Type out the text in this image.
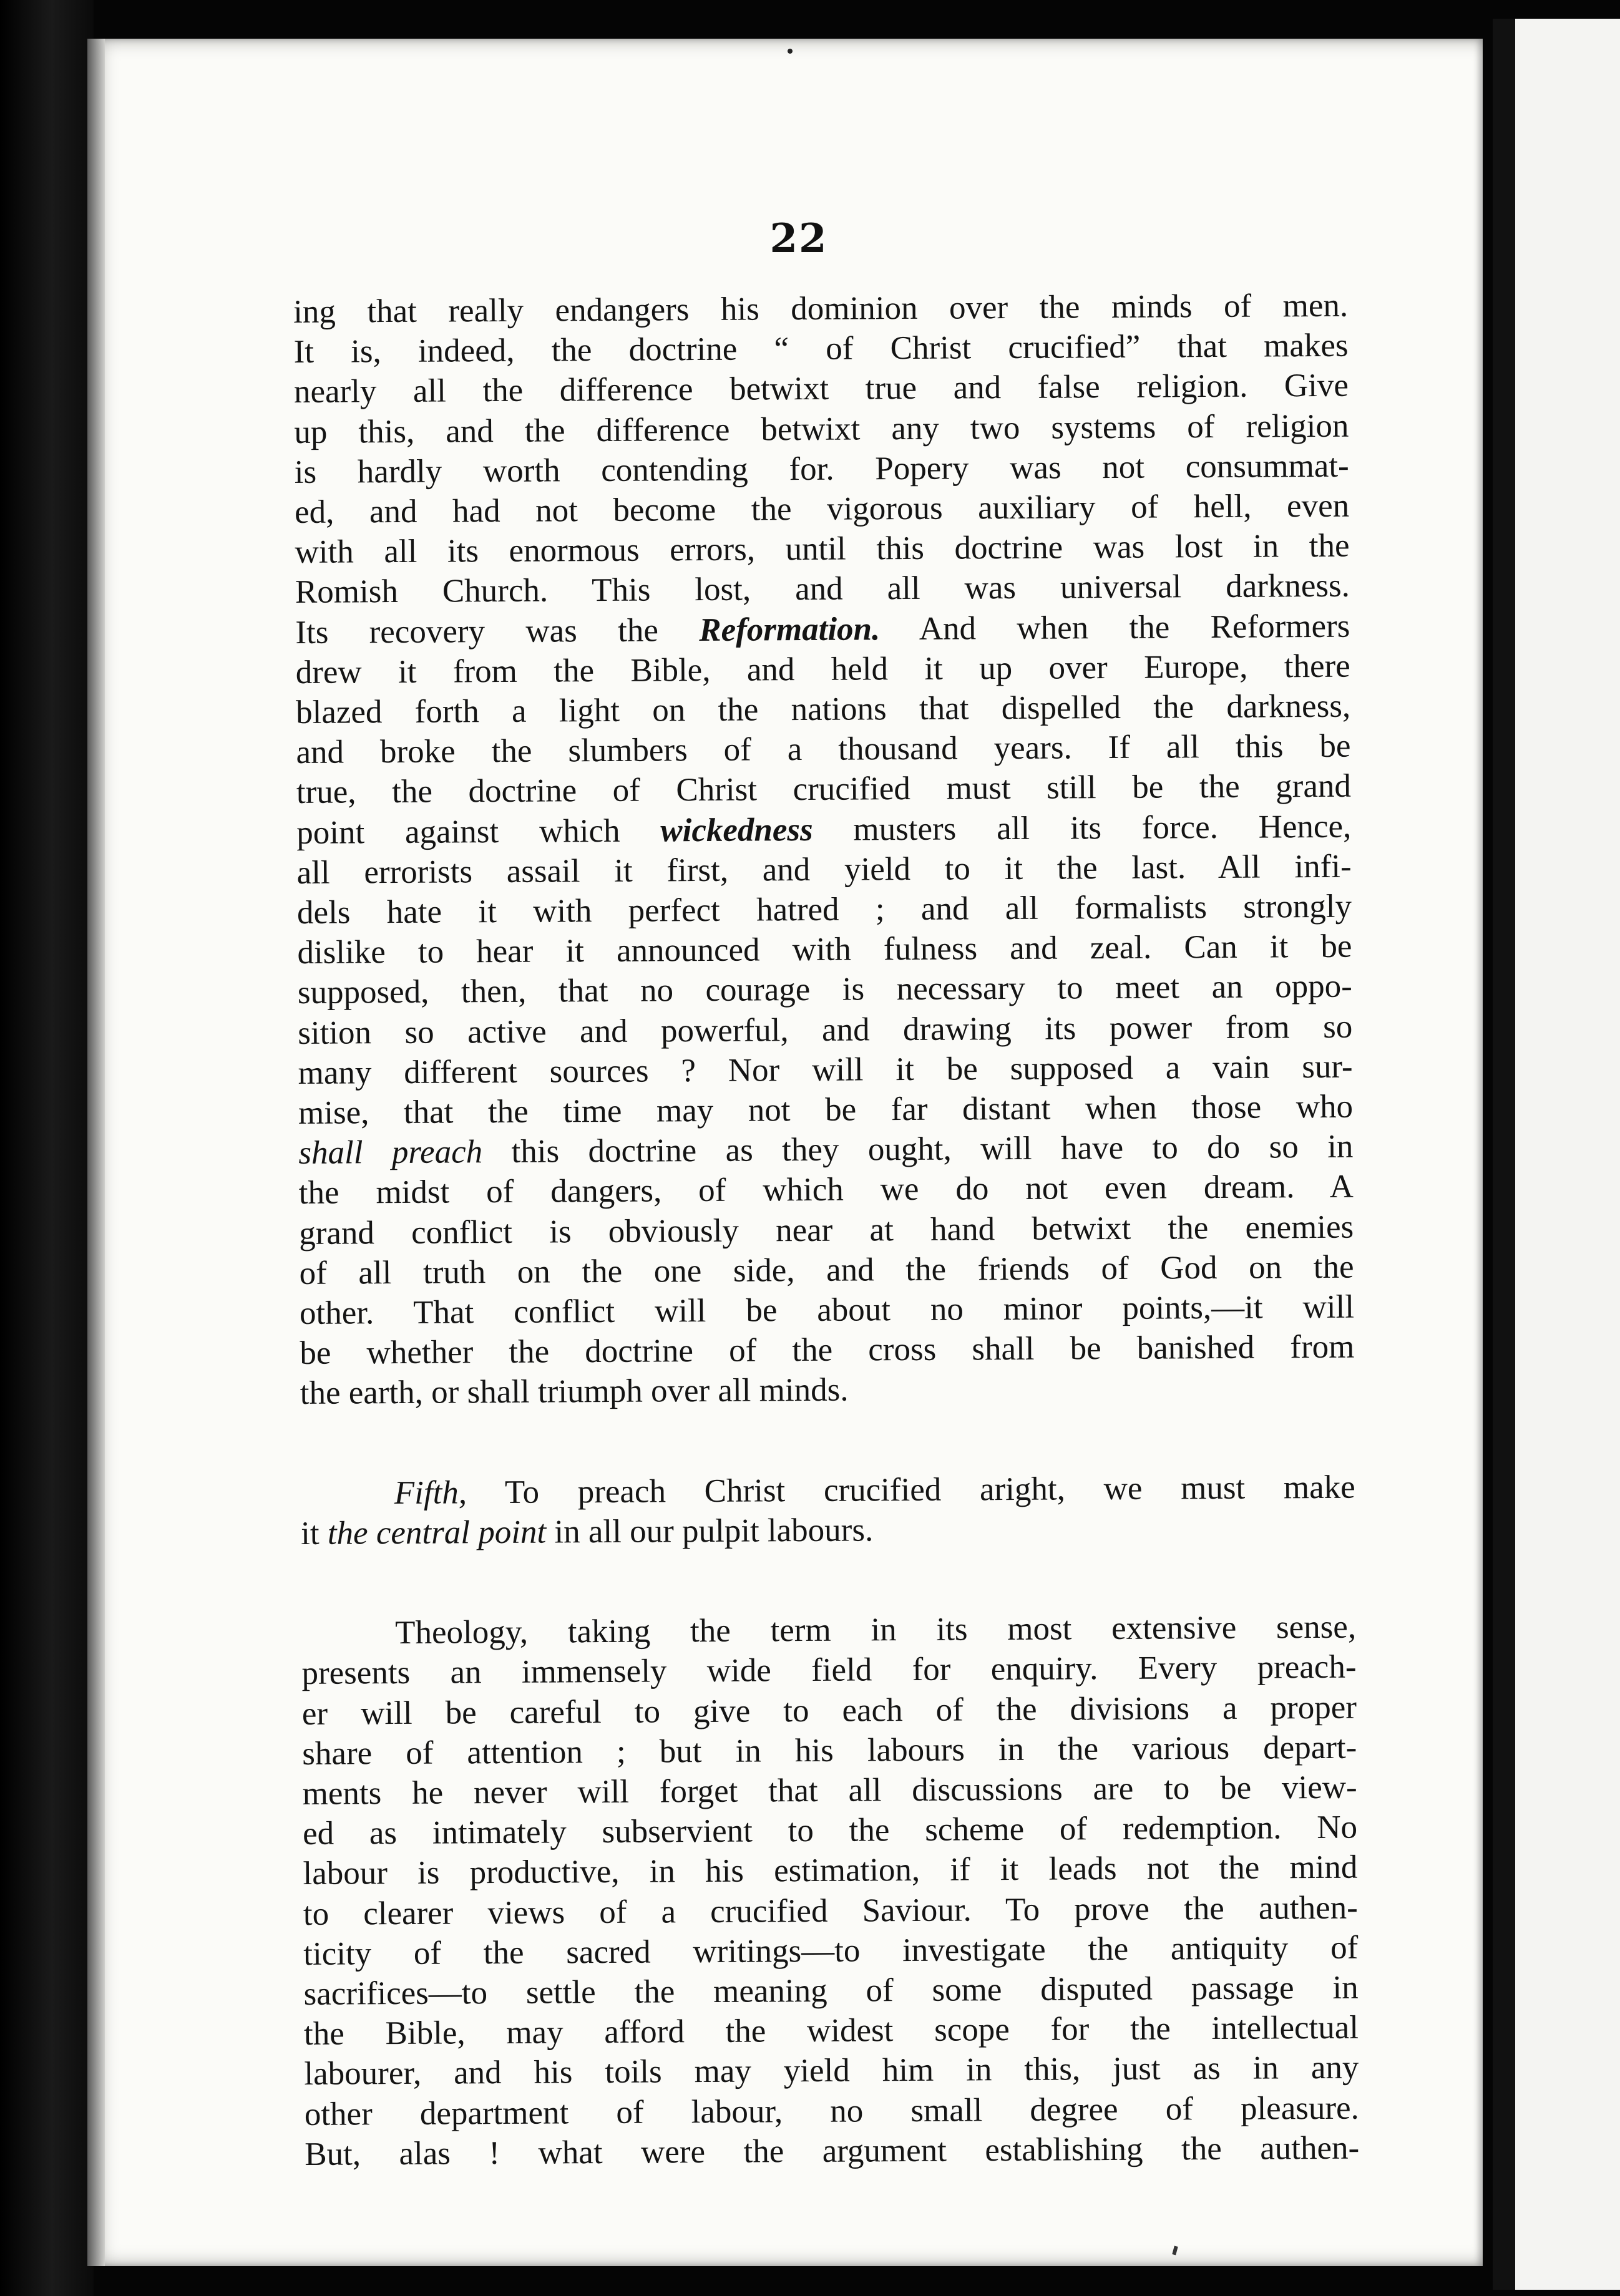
22

ing that really endangers his dominion over the minds of men.
It is, indeed, the doctrine “ of Christ crucified” that makes
nearly all the difference betwixt true and false religion. Give
up this, and the difference betwixt any two systems of religion
is hardly worth contending for. Popery was not consummat-
ed, and had not become the vigorous auxiliary of hell, even
with all its enormous errors, until this doctrine was lost in the
Romish Church. This lost, and all was universal darkness.
Its recovery was the Reformation. And when the Reformers
drew it from the Bible, and held it up over Europe, there
blazed forth a light on the nations that dispelled the darkness,
and broke the slumbers of a thousand years. If all this be
true, the doctrine of Christ crucified must still be the grand
point against which wickedness musters all its force. Hence,
all errorists assail it first, and yield to it the last. All infi-
dels hate it with perfect hatred ; and all formalists strongly
dislike to hear it announced with fulness and zeal. Can it be
supposed, then, that no courage is necessary to meet an oppo-
sition so active and powerful, and drawing its power from so
many different sources ? Nor will it be supposed a vain sur-
mise, that the time may not be far distant when those who
shall preach this doctrine as they ought, will have to do so in
the midst of dangers, of which we do not even dream. A
grand conflict is obviously near at hand betwixt the enemies
of all truth on the one side, and the friends of God on the
other. That conflict will be about no minor points,—it will
be whether the doctrine of the cross shall be banished from
the earth, or shall triumph over all minds.

Fifth, To preach Christ crucified aright, we must make
it the central point in all our pulpit labours.

Theology, taking the term in its most extensive sense,
presents an immensely wide field for enquiry. Every preach-
er will be careful to give to each of the divisions a proper
share of attention ; but in his labours in the various depart-
ments he never will forget that all discussions are to be view-
ed as intimately subservient to the scheme of redemption. No
labour is productive, in his estimation, if it leads not the mind
to clearer views of a crucified Saviour. To prove the authen-
ticity of the sacred writings—to investigate the antiquity of
sacrifices—to settle the meaning of some disputed passage in
the Bible, may afford the widest scope for the intellectual
labourer, and his toils may yield him in this, just as in any
other department of labour, no small degree of pleasure.
But, alas ! what were the argument establishing the authen-
